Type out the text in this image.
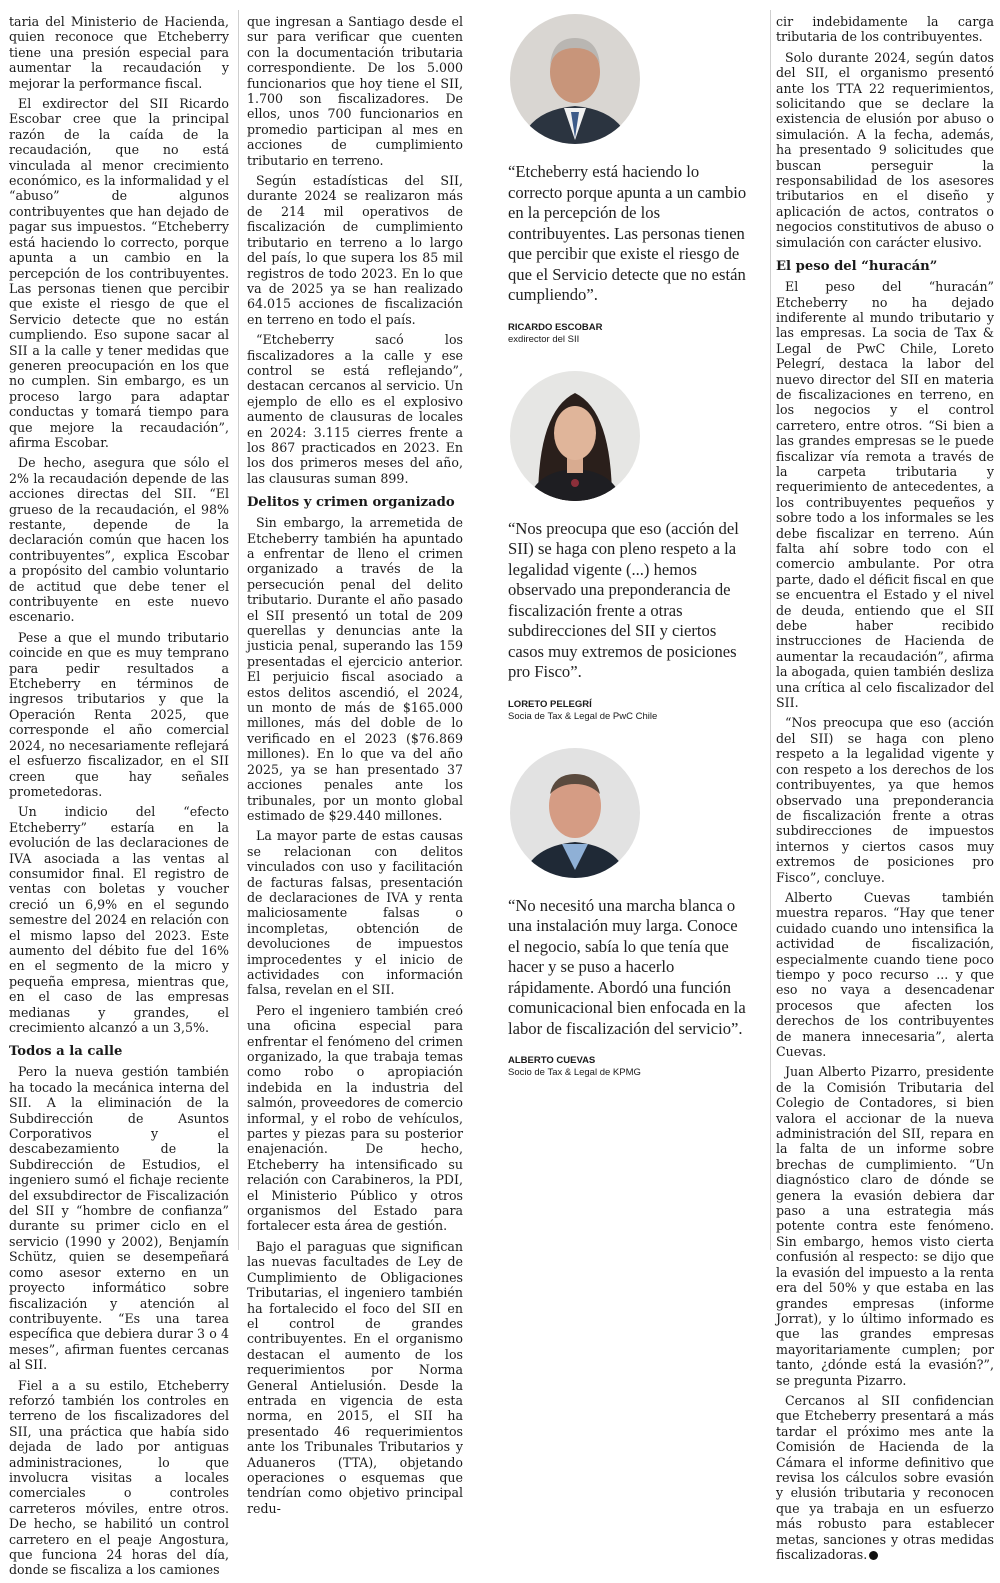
taria del Ministerio de Hacienda, quien reconoce que Etcheberry tiene una presión especial para aumentar la recaudación y mejorar la performance fiscal.

El exdirector del SII Ricardo Escobar cree que la principal razón de la caída de la recaudación, que no está vinculada al menor crecimiento económico, es la informalidad y el “abuso” de algunos contribuyentes que han dejado de pagar sus impuestos. “Etcheberry está haciendo lo correcto, porque apunta a un cambio en la percepción de los contribuyentes. Las personas tienen que percibir que existe el riesgo de que el Servicio detecte que no están cumpliendo. Eso supone sacar al SII a la calle y tener medidas que generen preocupación en los que no cumplen. Sin embargo, es un proceso largo para adaptar conductas y tomará tiempo para que mejore la recaudación”, afirma Escobar.

De hecho, asegura que sólo el 2% la recaudación depende de las acciones directas del SII. “El grueso de la recaudación, el 98% restante, depende de la declaración común que hacen los contribuyentes”, explica Escobar a propósito del cambio voluntario de actitud que debe tener el contribuyente en este nuevo escenario.

Pese a que el mundo tributario coincide en que es muy temprano para pedir resultados a Etcheberry en términos de ingresos tributarios y que la Operación Renta 2025, que corresponde el año comercial 2024, no necesariamente reflejará el esfuerzo fiscalizador, en el SII creen que hay señales prometedoras.

Un indicio del “efecto Etcheberry” estaría en la evolución de las declaraciones de IVA asociada a las ventas al consumidor final. El registro de ventas con boletas y voucher creció un 6,9% en el segundo semestre del 2024 en relación con el mismo lapso del 2023. Este aumento del débito fue del 16% en el segmento de la micro y pequeña empresa, mientras que, en el caso de las empresas medianas y grandes, el crecimiento alcanzó a un 3,5%.

Todos a la calle

Pero la nueva gestión también ha tocado la mecánica interna del SII. A la eliminación de la Subdirección de Asuntos Corporativos y el descabezamiento de la Subdirección de Estudios, el ingeniero sumó el fichaje reciente del exsubdirector de Fiscalización del SII y “hombre de confianza” durante su primer ciclo en el servicio (1990 y 2002), Benjamín Schütz, quien se desempeñará como asesor externo en un proyecto informático sobre fiscalización y atención al contribuyente. “Es una tarea específica que debiera durar 3 o 4 meses”, afirman fuentes cercanas al SII.

Fiel a a su estilo, Etcheberry reforzó también los controles en terreno de los fiscalizadores del SII, una práctica que había sido dejada de lado por antiguas administraciones, lo que involucra visitas a locales comerciales o controles carreteros móviles, entre otros. De hecho, se habilitó un control carretero en el peaje Angostura, que funciona 24 horas del día, donde se fiscaliza a los camiones

que ingresan a Santiago desde el sur para verificar que cuenten con la documentación tributaria correspondiente. De los 5.000 funcionarios que hoy tiene el SII, 1.700 son fiscalizadores. De ellos, unos 700 funcionarios en promedio participan al mes en acciones de cumplimiento tributario en terreno.

Según estadísticas del SII, durante 2024 se realizaron más de 214 mil operativos de fiscalización de cumplimiento tributario en terreno a lo largo del país, lo que supera los 85 mil registros de todo 2023. En lo que va de 2025 ya se han realizado 64.015 acciones de fiscalización en terreno en todo el país.

“Etcheberry sacó los fiscalizadores a la calle y ese control se está reflejando”, destacan cercanos al servicio. Un ejemplo de ello es el explosivo aumento de clausuras de locales en 2024: 3.115 cierres frente a los 867 practicados en 2023. En los dos primeros meses del año, las clausuras suman 899.

Delitos y crimen organizado

Sin embargo, la arremetida de Etcheberry también ha apuntado a enfrentar de lleno el crimen organizado a través de la persecución penal del delito tributario. Durante el año pasado el SII presentó un total de 209 querellas y denuncias ante la justicia penal, superando las 159 presentadas el ejercicio anterior. El perjuicio fiscal asociado a estos delitos ascendió, el 2024, un monto de más de $165.000 millones, más del doble de lo verificado en el 2023 ($76.869 millones). En lo que va del año 2025, ya se han presentado 37 acciones penales ante los tribunales, por un monto global estimado de $29.440 millones.

La mayor parte de estas causas se relacionan con delitos vinculados con uso y facilitación de facturas falsas, presentación de declaraciones de IVA y renta maliciosamente falsas o incompletas, obtención de devoluciones de impuestos improcedentes y el inicio de actividades con información falsa, revelan en el SII.

Pero el ingeniero también creó una oficina especial para enfrentar el fenómeno del crimen organizado, la que trabaja temas como robo o apropiación indebida en la industria del salmón, proveedores de comercio informal, y el robo de vehículos, partes y piezas para su posterior enajenación. De hecho, Etcheberry ha intensificado su relación con Carabineros, la PDI, el Ministerio Público y otros organismos del Estado para fortalecer esta área de gestión.

Bajo el paraguas que significan las nuevas facultades de Ley de Cumplimiento de Obligaciones Tributarias, el ingeniero también ha fortalecido el foco del SII en el control de grandes contribuyentes. En el organismo destacan el aumento de los requerimientos por Norma General Antielusión. Desde la entrada en vigencia de esta norma, en 2015, el SII ha presentado 46 requerimientos ante los Tribunales Tributarios y Aduaneros (TTA), objetando operaciones o esquemas que tendrían como objetivo principal redu-

“Etcheberry está haciendo lo correcto porque apunta a un cambio en la percepción de los contribuyentes. Las personas tienen que percibir que existe el riesgo de que el Servicio detecte que no están cumpliendo”.

RICARDO ESCOBAR

exdirector del SII

“Nos preocupa que eso (acción del SII) se haga con pleno respeto a la legalidad vigente (...) hemos observado una preponderancia de fiscalización frente a otras subdirecciones del SII y ciertos casos muy extremos de posiciones pro Fisco”.

LORETO PELEGRÍ

Socia de Tax & Legal de PwC Chile

“No necesitó una marcha blanca o una instalación muy larga. Conoce el negocio, sabía lo que tenía que hacer y se puso a hacerlo rápidamente. Abordó una función comunicacional bien enfocada en la labor de fiscalización del servicio”.

ALBERTO CUEVAS

Socio de Tax & Legal de KPMG

cir indebidamente la carga tributaria de los contribuyentes.

Solo durante 2024, según datos del SII, el organismo presentó ante los TTA 22 requerimientos, solicitando que se declare la existencia de elusión por abuso o simulación. A la fecha, además, ha presentado 9 solicitudes que buscan perseguir la responsabilidad de los asesores tributarios en el diseño y aplicación de actos, contratos o negocios constitutivos de abuso o simulación con carácter elusivo.

El peso del “huracán”

El peso del “huracán” Etcheberry no ha dejado indiferente al mundo tributario y las empresas. La socia de Tax & Legal de PwC Chile, Loreto Pelegrí, destaca la labor del nuevo director del SII en materia de fiscalizaciones en terreno, en los negocios y el control carretero, entre otros. “Si bien a las grandes empresas se le puede fiscalizar vía remota a través de la carpeta tributaria y requerimiento de antecedentes, a los contribuyentes pequeños y sobre todo a los informales se les debe fiscalizar en terreno. Aún falta ahí sobre todo con el comercio ambulante. Por otra parte, dado el déficit fiscal en que se encuentra el Estado y el nivel de deuda, entiendo que el SII debe haber recibido instrucciones de Hacienda de aumentar la recaudación”, afirma la abogada, quien también desliza una crítica al celo fiscalizador del SII.

“Nos preocupa que eso (acción del SII) se haga con pleno respeto a la legalidad vigente y con respeto a los derechos de los contribuyentes, ya que hemos observado una preponderancia de fiscalización frente a otras subdirecciones de impuestos internos y ciertos casos muy extremos de posiciones pro Fisco”, concluye.

Alberto Cuevas también muestra reparos. “Hay que tener cuidado cuando uno intensifica la actividad de fiscalización, especialmente cuando tiene poco tiempo y poco recurso ... y que eso no vaya a desencadenar procesos que afecten los derechos de los contribuyentes de manera innecesaria”, alerta Cuevas.

Juan Alberto Pizarro, presidente de la Comisión Tributaria del Colegio de Contadores, si bien valora el accionar de la nueva administración del SII, repara en la falta de un informe sobre brechas de cumplimiento. “Un diagnóstico claro de dónde se genera la evasión debiera dar paso a una estrategia más potente contra este fenómeno. Sin embargo, hemos visto cierta confusión al respecto: se dijo que la evasión del impuesto a la renta era del 50% y que estaba en las grandes empresas (informe Jorrat), y lo último informado es que las grandes empresas mayoritariamente cumplen; por tanto, ¿dónde está la evasión?”, se pregunta Pizarro.

Cercanos al SII confidencian que Etcheberry presentará a más tardar el próximo mes ante la Comisión de Hacienda de la Cámara el informe definitivo que revisa los cálculos sobre evasión y elusión tributaria y reconocen que ya trabaja en un esfuerzo más robusto para establecer metas, sanciones y otras medidas fiscalizadoras.
